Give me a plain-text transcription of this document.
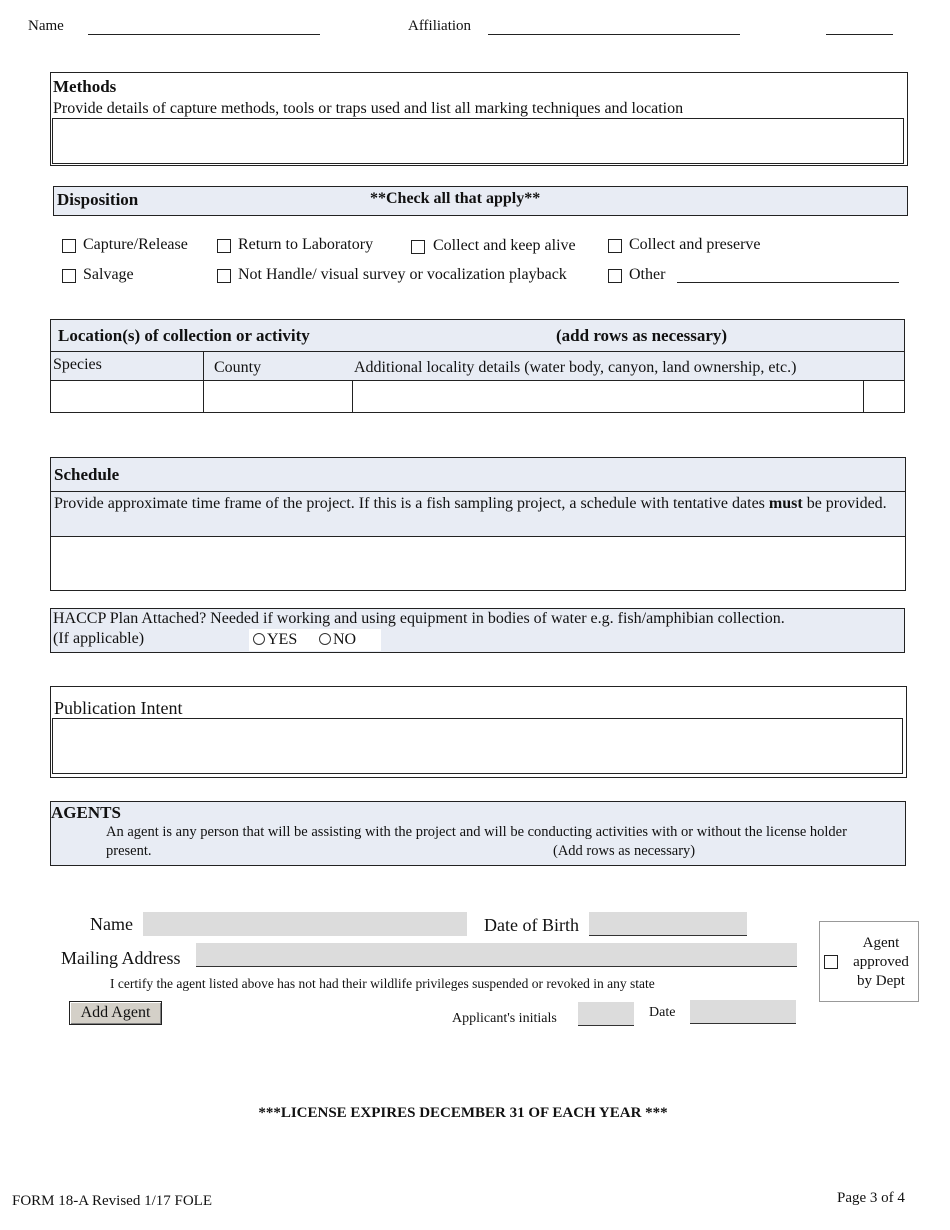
Name	Affiliation
Methods
Provide details of capture methods, tools or traps used and list all marking techniques and location
Disposition	**Check all that apply**
Capture/Release	Return to Laboratory	Collect and keep alive	Collect and preserve
Salvage	Not Handle/ visual survey or vocalization playback	Other
Location(s) of collection or activity	(add rows as necessary)
Species	County	Additional locality details (water body, canyon, land ownership, etc.)
Schedule
Provide approximate time frame of the project. If this is a fish sampling project, a schedule with tentative dates must be provided.
HACCP Plan Attached? Needed if working and using equipment in bodies of water e.g. fish/amphibian collection.
(If applicable)	YES	NO
Publication Intent
AGENTS
An agent is any person that will be assisting with the project and will be conducting activities with or without the license holder present.	(Add rows as necessary)
Name	Date of Birth
Mailing Address
I certify the agent listed above has not had their wildlife privileges suspended or revoked in any state
Add Agent	Applicant's initials	Date
Agent
approved
by Dept
***LICENSE EXPIRES DECEMBER 31 OF EACH YEAR ***
FORM 18-A Revised 1/17 FOLE	Page 3 of 4
